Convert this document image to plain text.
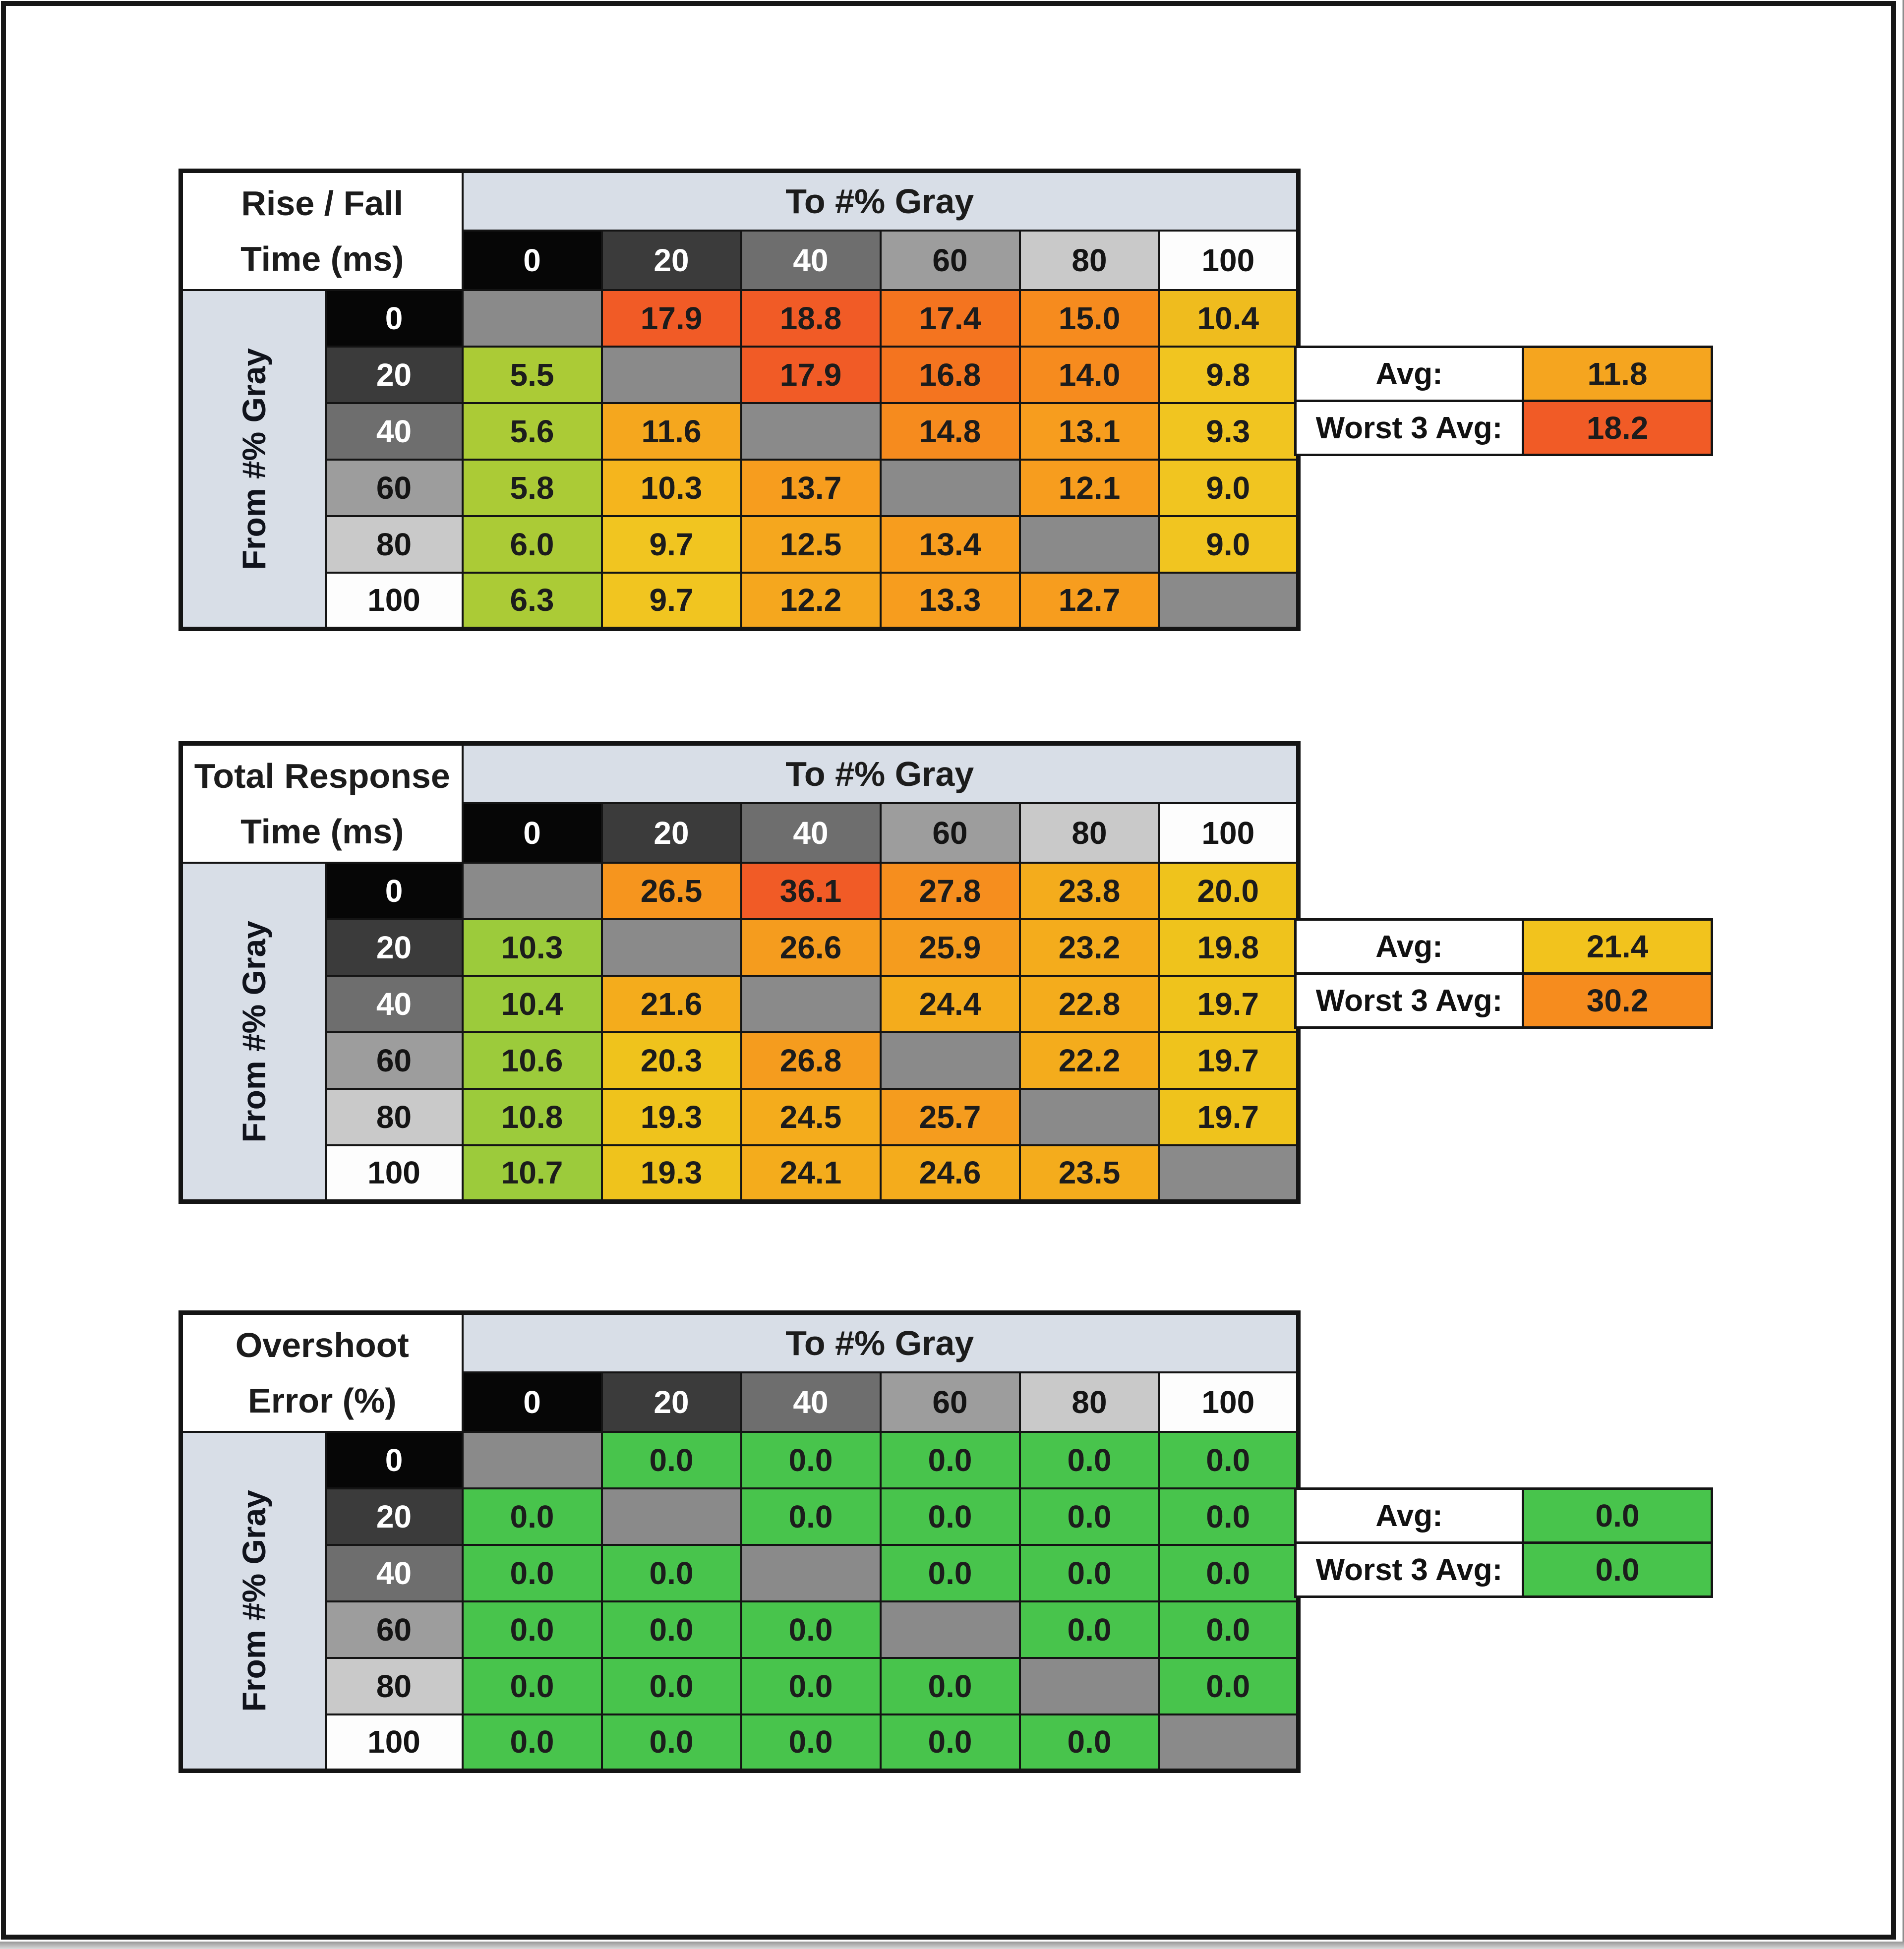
Rise / Fall
Time (ms)		To #% Gray					
		0	20	40	60	80	100

From #% Gray	0		17.9	18.8	17.4	15.0	10.4
	20	5.5		17.9	16.8	14.0	9.8
	40	5.6	11.6		14.8	13.1	9.3
	60	5.8	10.3	13.7		12.1	9.0
	80	6.0	9.7	12.5	13.4		9.0
	100	6.3	9.7	12.2	13.3	12.7	
Avg:	11.8
Worst 3 Avg:	18.2
Total Response
Time (ms)		To #% Gray					
		0	20	40	60	80	100

From #% Gray	0		26.5	36.1	27.8	23.8	20.0
	20	10.3		26.6	25.9	23.2	19.8
	40	10.4	21.6		24.4	22.8	19.7
	60	10.6	20.3	26.8		22.2	19.7
	80	10.8	19.3	24.5	25.7		19.7
	100	10.7	19.3	24.1	24.6	23.5	
Avg:	21.4
Worst 3 Avg:	30.2
Overshoot
Error (%)		To #% Gray					
		0	20	40	60	80	100

From #% Gray	0		0.0	0.0	0.0	0.0	0.0
	20	0.0		0.0	0.0	0.0	0.0
	40	0.0	0.0		0.0	0.0	0.0
	60	0.0	0.0	0.0		0.0	0.0
	80	0.0	0.0	0.0	0.0		0.0
	100	0.0	0.0	0.0	0.0	0.0	
Avg:	0.0
Worst 3 Avg:	0.0
